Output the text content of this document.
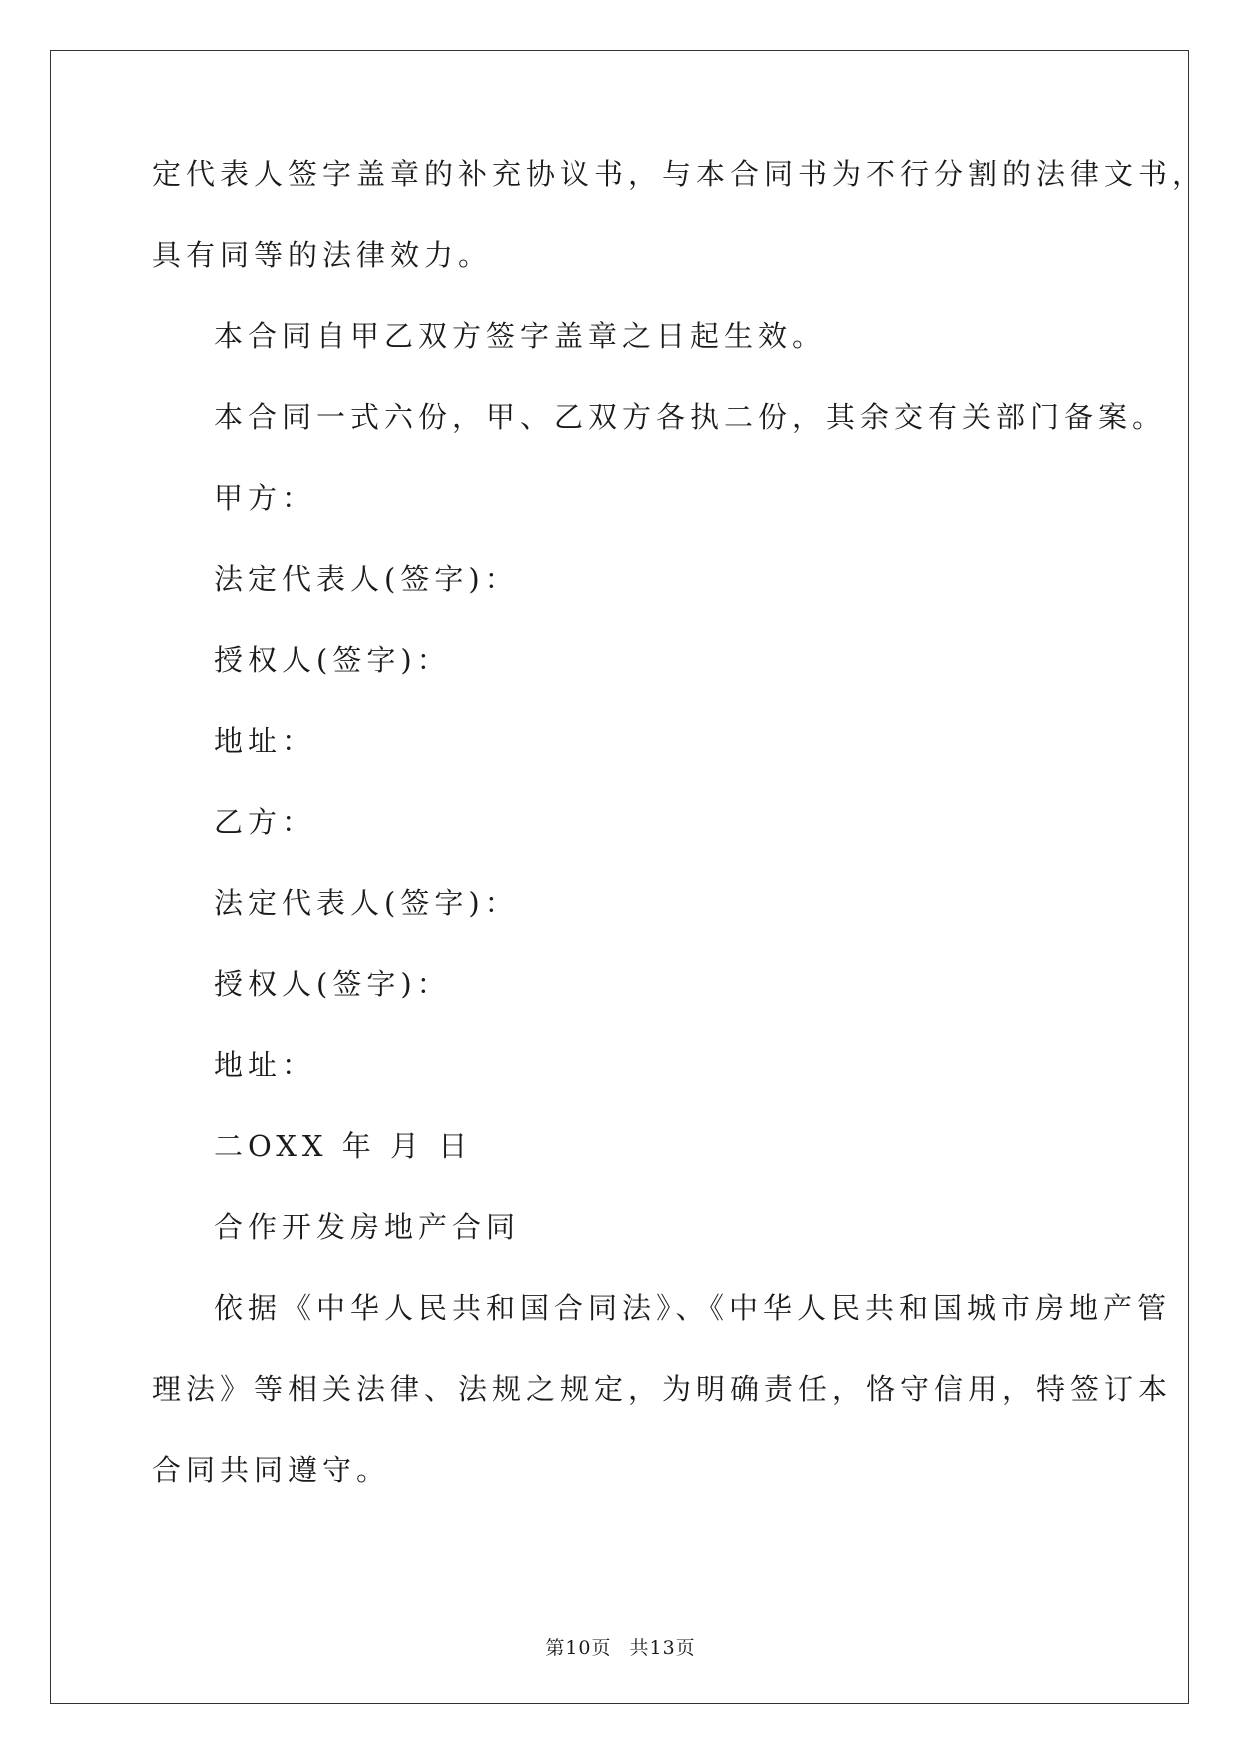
定代表人签字盖章的补充协议书，与本合同书为不行分割的法律文书，
具有同等的法律效力。
本合同自甲乙双方签字盖章之日起生效。
本合同一式六份，甲、乙双方各执二份，其余交有关部门备案。
甲方：
法定代表人(签字)：
授权人(签字)：
地址：
乙方：
法定代表人(签字)：
授权人(签字)：
地址：
二OXX 年 月 日
合作开发房地产合同
依据《中华人民共和国合同法》、《中华人民共和国城市房地产管
理法》等相关法律、法规之规定，为明确责任，恪守信用，特签订本
合同共同遵守。
第10页 共13页
